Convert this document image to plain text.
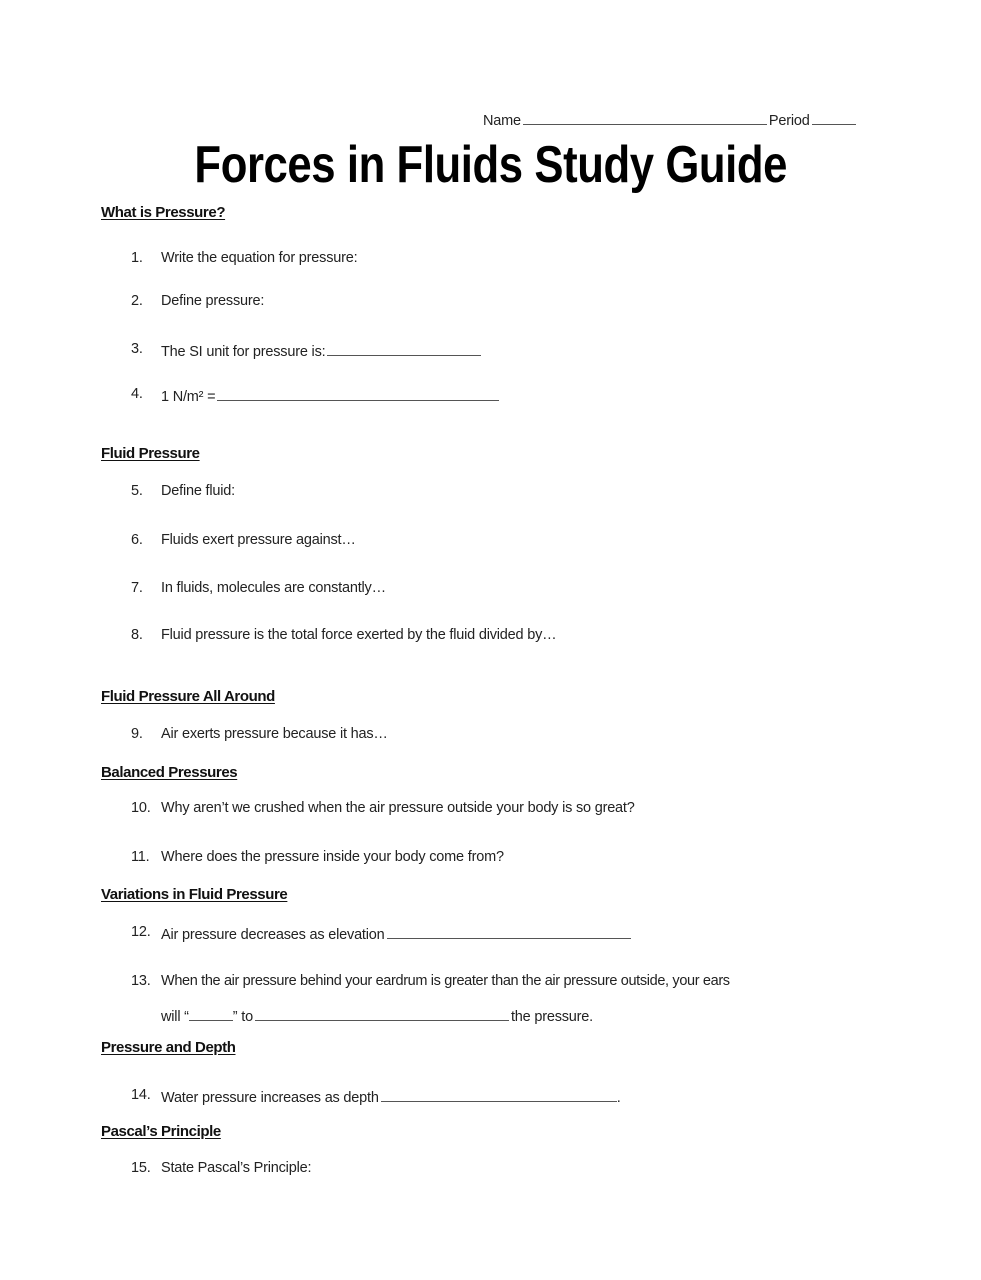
Name	Period
Forces in Fluids Study Guide
What is Pressure?
1. Write the equation for pressure:
2. Define pressure:
3. The SI unit for pressure is:
4. 1 N/m² =
Fluid Pressure
5. Define fluid:
6. Fluids exert pressure against…
7. In fluids, molecules are constantly…
8. Fluid pressure is the total force exerted by the fluid divided by…
Fluid Pressure All Around
9. Air exerts pressure because it has…
Balanced Pressures
10. Why aren’t we crushed when the air pressure outside your body is so great?
11. Where does the pressure inside your body come from?
Variations in Fluid Pressure
12. Air pressure decreases as elevation
13. When the air pressure behind your eardrum is greater than the air pressure outside, your ears
will “	” to	the pressure.
Pressure and Depth
14. Water pressure increases as depth	.
Pascal’s Principle
15. State Pascal’s Principle:
